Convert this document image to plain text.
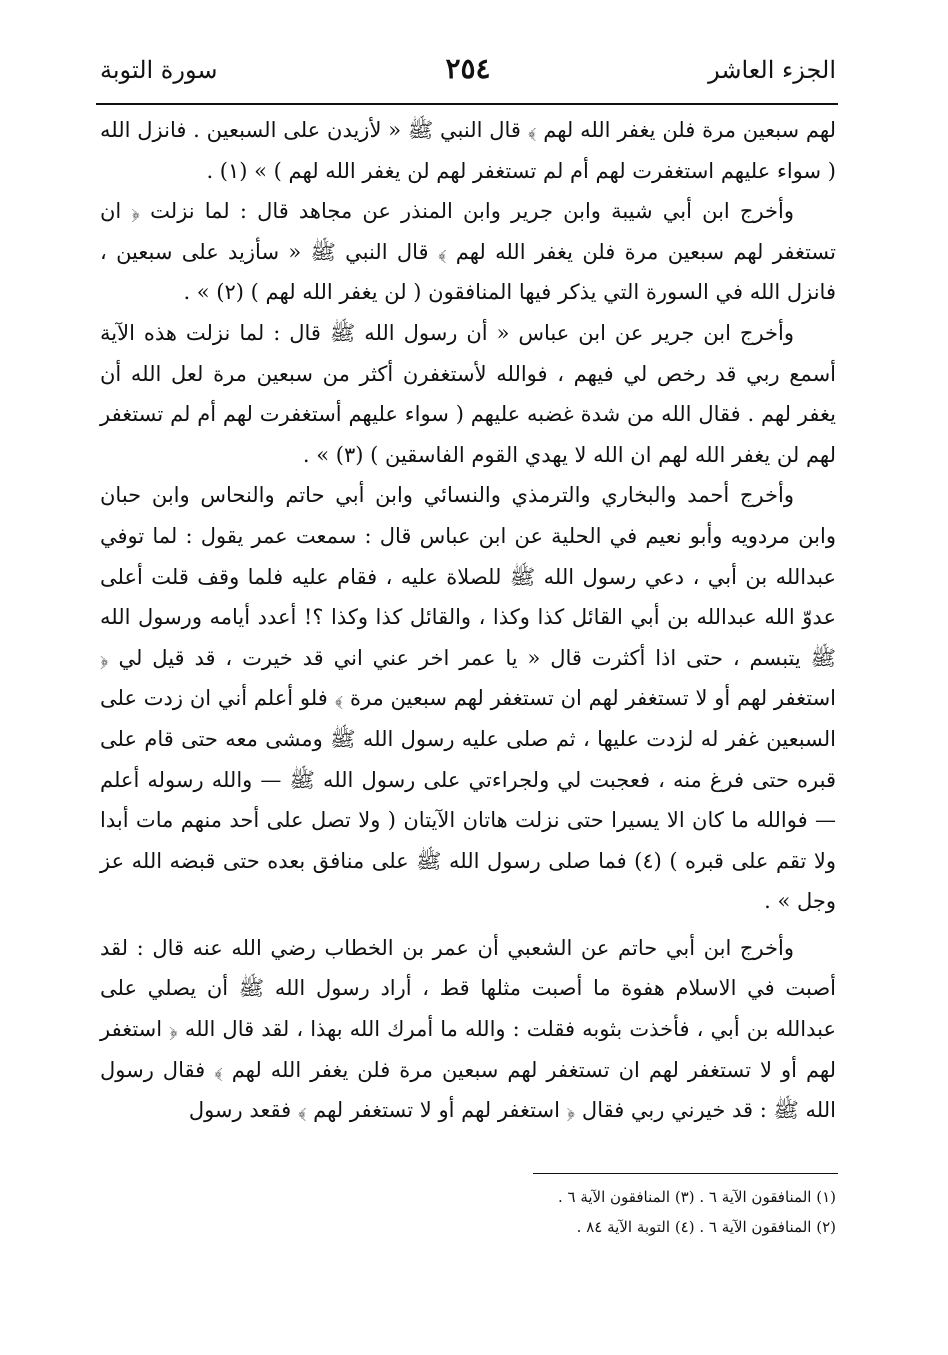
الجزء العاشر
٢٥٤
سورة التوبة

لهم سبعين مرة فلن يغفر الله لهم ﴾ قال النبي ﷺ « لأزيدن على السبعين . فانزل الله ( سواء عليهم استغفرت لهم أم لم تستغفر لهم لن يغفر الله لهم ) » (١) .

وأخرج ابن أبي شيبة وابن جرير وابن المنذر عن مجاهد قال : لما نزلت ﴿ ان تستغفر لهم سبعين مرة فلن يغفر الله لهم ﴾ قال النبي ﷺ « سأزيد على سبعين ، فانزل الله في السورة التي يذكر فيها المنافقون ( لن يغفر الله لهم ) (٢) » .

وأخرج ابن جرير عن ابن عباس « أن رسول الله ﷺ قال : لما نزلت هذه الآية أسمع ربي قد رخص لي فيهم ، فوالله لأستغفرن أكثر من سبعين مرة لعل الله أن يغفر لهم . فقال الله من شدة غضبه عليهم ( سواء عليهم أستغفرت لهم أم لم تستغفر لهم لن يغفر الله لهم ان الله لا يهدي القوم الفاسقين ) (٣) » .

وأخرج أحمد والبخاري والترمذي والنسائي وابن أبي حاتم والنحاس وابن حبان وابن مردويه وأبو نعيم في الحلية عن ابن عباس قال : سمعت عمر يقول : لما توفي عبدالله بن أبي ، دعي رسول الله ﷺ للصلاة عليه ، فقام عليه فلما وقف قلت أعلى عدوّ الله عبدالله بن أبي القائل كذا وكذا ، والقائل كذا وكذا ؟! أعدد أيامه ورسول الله ﷺ يتبسم ، حتى اذا أكثرت قال « يا عمر اخر عني اني قد خيرت ، قد قيل لي ﴿ استغفر لهم أو لا تستغفر لهم ان تستغفر لهم سبعين مرة ﴾ فلو أعلم أني ان زدت على السبعين غفر له لزدت عليها ، ثم صلى عليه رسول الله ﷺ ومشى معه حتى قام على قبره حتى فرغ منه ، فعجبت لي ولجراءتي على رسول الله ﷺ — والله رسوله أعلم — فوالله ما كان الا يسيرا حتى نزلت هاتان الآيتان ( ولا تصل على أحد منهم مات أبدا ولا تقم على قبره ) (٤) فما صلى رسول الله ﷺ على منافق بعده حتى قبضه الله عز وجل » .

وأخرج ابن أبي حاتم عن الشعبي أن عمر بن الخطاب رضي الله عنه قال : لقد أصبت في الاسلام هفوة ما أصبت مثلها قط ، أراد رسول الله ﷺ أن يصلي على عبدالله بن أبي ، فأخذت بثوبه فقلت : والله ما أمرك الله بهذا ، لقد قال الله ﴿ استغفر لهم أو لا تستغفر لهم ان تستغفر لهم سبعين مرة فلن يغفر الله لهم ﴾ فقال رسول الله ﷺ : قد خيرني ربي فقال ﴿ استغفر لهم أو لا تستغفر لهم ﴾ فقعد رسول

(١) المنافقون الآية ٦ . (٣) المنافقون الآية ٦ .
(٢) المنافقون الآية ٦ . (٤) التوبة الآية ٨٤ .
